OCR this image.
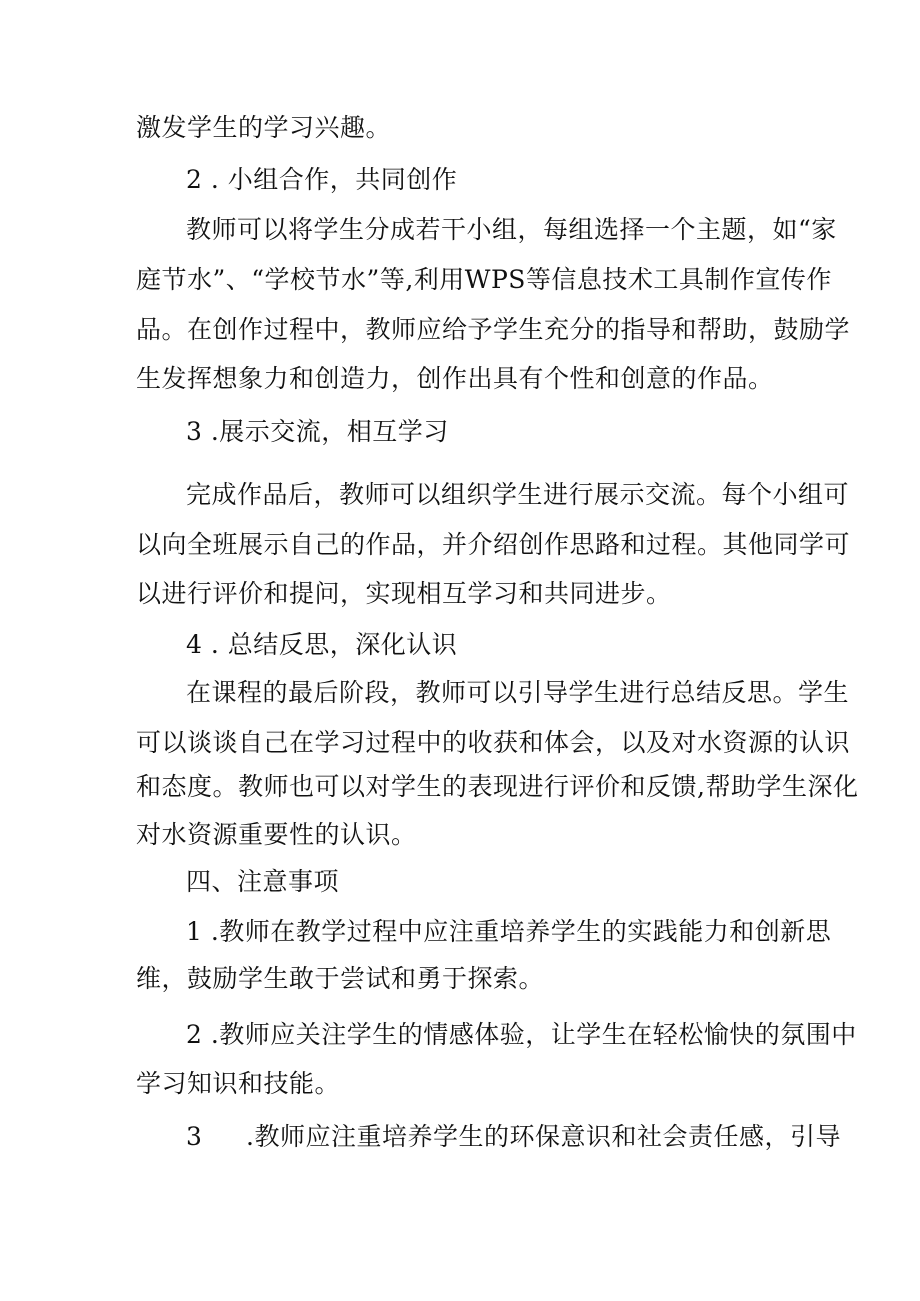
激发学生的学习兴趣。
2 . 小组合作，共同创作
教师可以将学生分成若干小组，每组选择一个主题，如“家
庭节水”、“学校节水”等,利用WPS等信息技术工具制作宣传作
品。在创作过程中，教师应给予学生充分的指导和帮助，鼓励学
生发挥想象力和创造力，创作出具有个性和创意的作品。
3 .展示交流，相互学习
完成作品后，教师可以组织学生进行展示交流。每个小组可
以向全班展示自己的作品，并介绍创作思路和过程。其他同学可
以进行评价和提问，实现相互学习和共同进步。
4 . 总结反思，深化认识
在课程的最后阶段，教师可以引导学生进行总结反思。学生
可以谈谈自己在学习过程中的收获和体会，以及对水资源的认识
和态度。教师也可以对学生的表现进行评价和反馈,帮助学生深化
对水资源重要性的认识。
四、注意事项
1 .教师在教学过程中应注重培养学生的实践能力和创新思
维，鼓励学生敢于尝试和勇于探索。
2 .教师应关注学生的情感体验，让学生在轻松愉快的氛围中
学习知识和技能。
3 .教师应注重培养学生的环保意识和社会责任感，引导
